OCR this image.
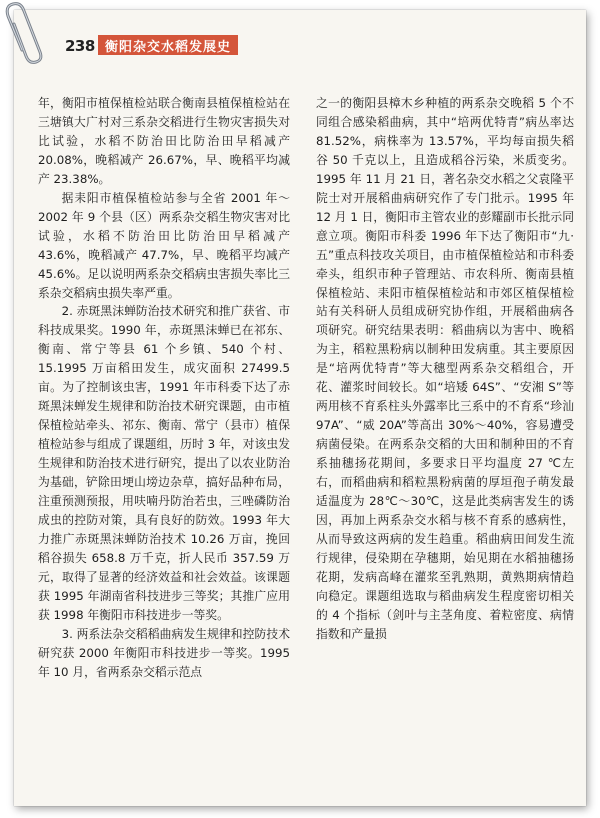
238 衡阳杂交水稻发展史

年，衡阳市植保植检站联合衡南县植保植检站在三塘镇大广村对三系杂交稻进行生物灾害损失对比试验，水稻不防治田比防治田早稻减产 20.08%，晚稻减产 26.67%，早、晚稻平均减产 23.38%。

据耒阳市植保植检站参与全省 2001 年～2002 年 9 个县（区）两系杂交稻生物灾害对比试验，水稻不防治田比防治田早稻减产 43.6%，晚稻减产 47.7%，早、晚稻平均减产 45.6%。足以说明两系杂交稻病虫害损失率比三系杂交稻病虫损失率严重。

2. 赤斑黑沫蝉防治技术研究和推广获省、市科技成果奖。1990 年，赤斑黑沫蝉已在祁东、衡南、常宁等县 61 个乡镇、540 个村、15.1995 万亩稻田发生，成灾面积 27499.5 亩。为了控制该虫害，1991 年市科委下达了赤斑黑沫蝉发生规律和防治技术研究课题，由市植保植检站牵头、祁东、衡南、常宁（县市）植保植检站参与组成了课题组，历时 3 年，对该虫发生规律和防治技术进行研究，提出了以农业防治为基础，铲除田埂山塝边杂草，搞好品种布局，注重预测预报，用呋喃丹防治若虫，三唑磷防治成虫的控防对策，具有良好的防效。1993 年大力推广赤斑黑沫蝉防治技术 10.26 万亩，挽回稻谷损失 658.8 万千克，折人民币 357.59 万元，取得了显著的经济效益和社会效益。该课题获 1995 年湖南省科技进步三等奖；其推广应用获 1998 年衡阳市科技进步一等奖。

3. 两系法杂交稻稻曲病发生规律和控防技术研究获 2000 年衡阳市科技进步一等奖。1995 年 10 月，省两系杂交稻示范点

之一的衡阳县樟木乡种植的两系杂交晚稻 5 个不同组合感染稻曲病，其中“培两优特青”病丛率达 81.52%，病株率为 13.57%，平均每亩损失稻谷 50 千克以上，且造成稻谷污染，米质变劣。1995 年 11 月 21 日，著名杂交水稻之父袁隆平院士对开展稻曲病研究作了专门批示。1995 年 12 月 1 日，衡阳市主管农业的彭耀副市长批示同意立项。衡阳市科委 1996 年下达了衡阳市“九·五”重点科技攻关项目，由市植保植检站和市科委牵头，组织市种子管理站、市农科所、衡南县植保植检站、耒阳市植保植检站和市郊区植保植检站有关科研人员组成研究协作组，开展稻曲病各项研究。研究结果表明：稻曲病以为害中、晚稻为主，稻粒黑粉病以制种田发病重。其主要原因是“培两优特青”等大穗型两系杂交稻组合，开花、灌浆时间较长。如“培矮 64S”、“安湘 S”等两用核不育系柱头外露率比三系中的不育系“珍汕 97A”、“威 20A”等高出 30%～40%，容易遭受病菌侵染。在两系杂交稻的大田和制种田的不育系抽穗扬花期间，多要求日平均温度 27 ℃左右，而稻曲病和稻粒黑粉病菌的厚垣孢子萌发最适温度为 28℃～30℃，这是此类病害发生的诱因，再加上两系杂交水稻与核不育系的感病性，从而导致这两病的发生趋重。稻曲病田间发生流行规律，侵染期在孕穗期，始见期在水稻抽穗扬花期，发病高峰在灌浆至乳熟期，黄熟期病情趋向稳定。课题组选取与稻曲病发生程度密切相关的 4 个指标（剑叶与主茎角度、着粒密度、病情指数和产量损
